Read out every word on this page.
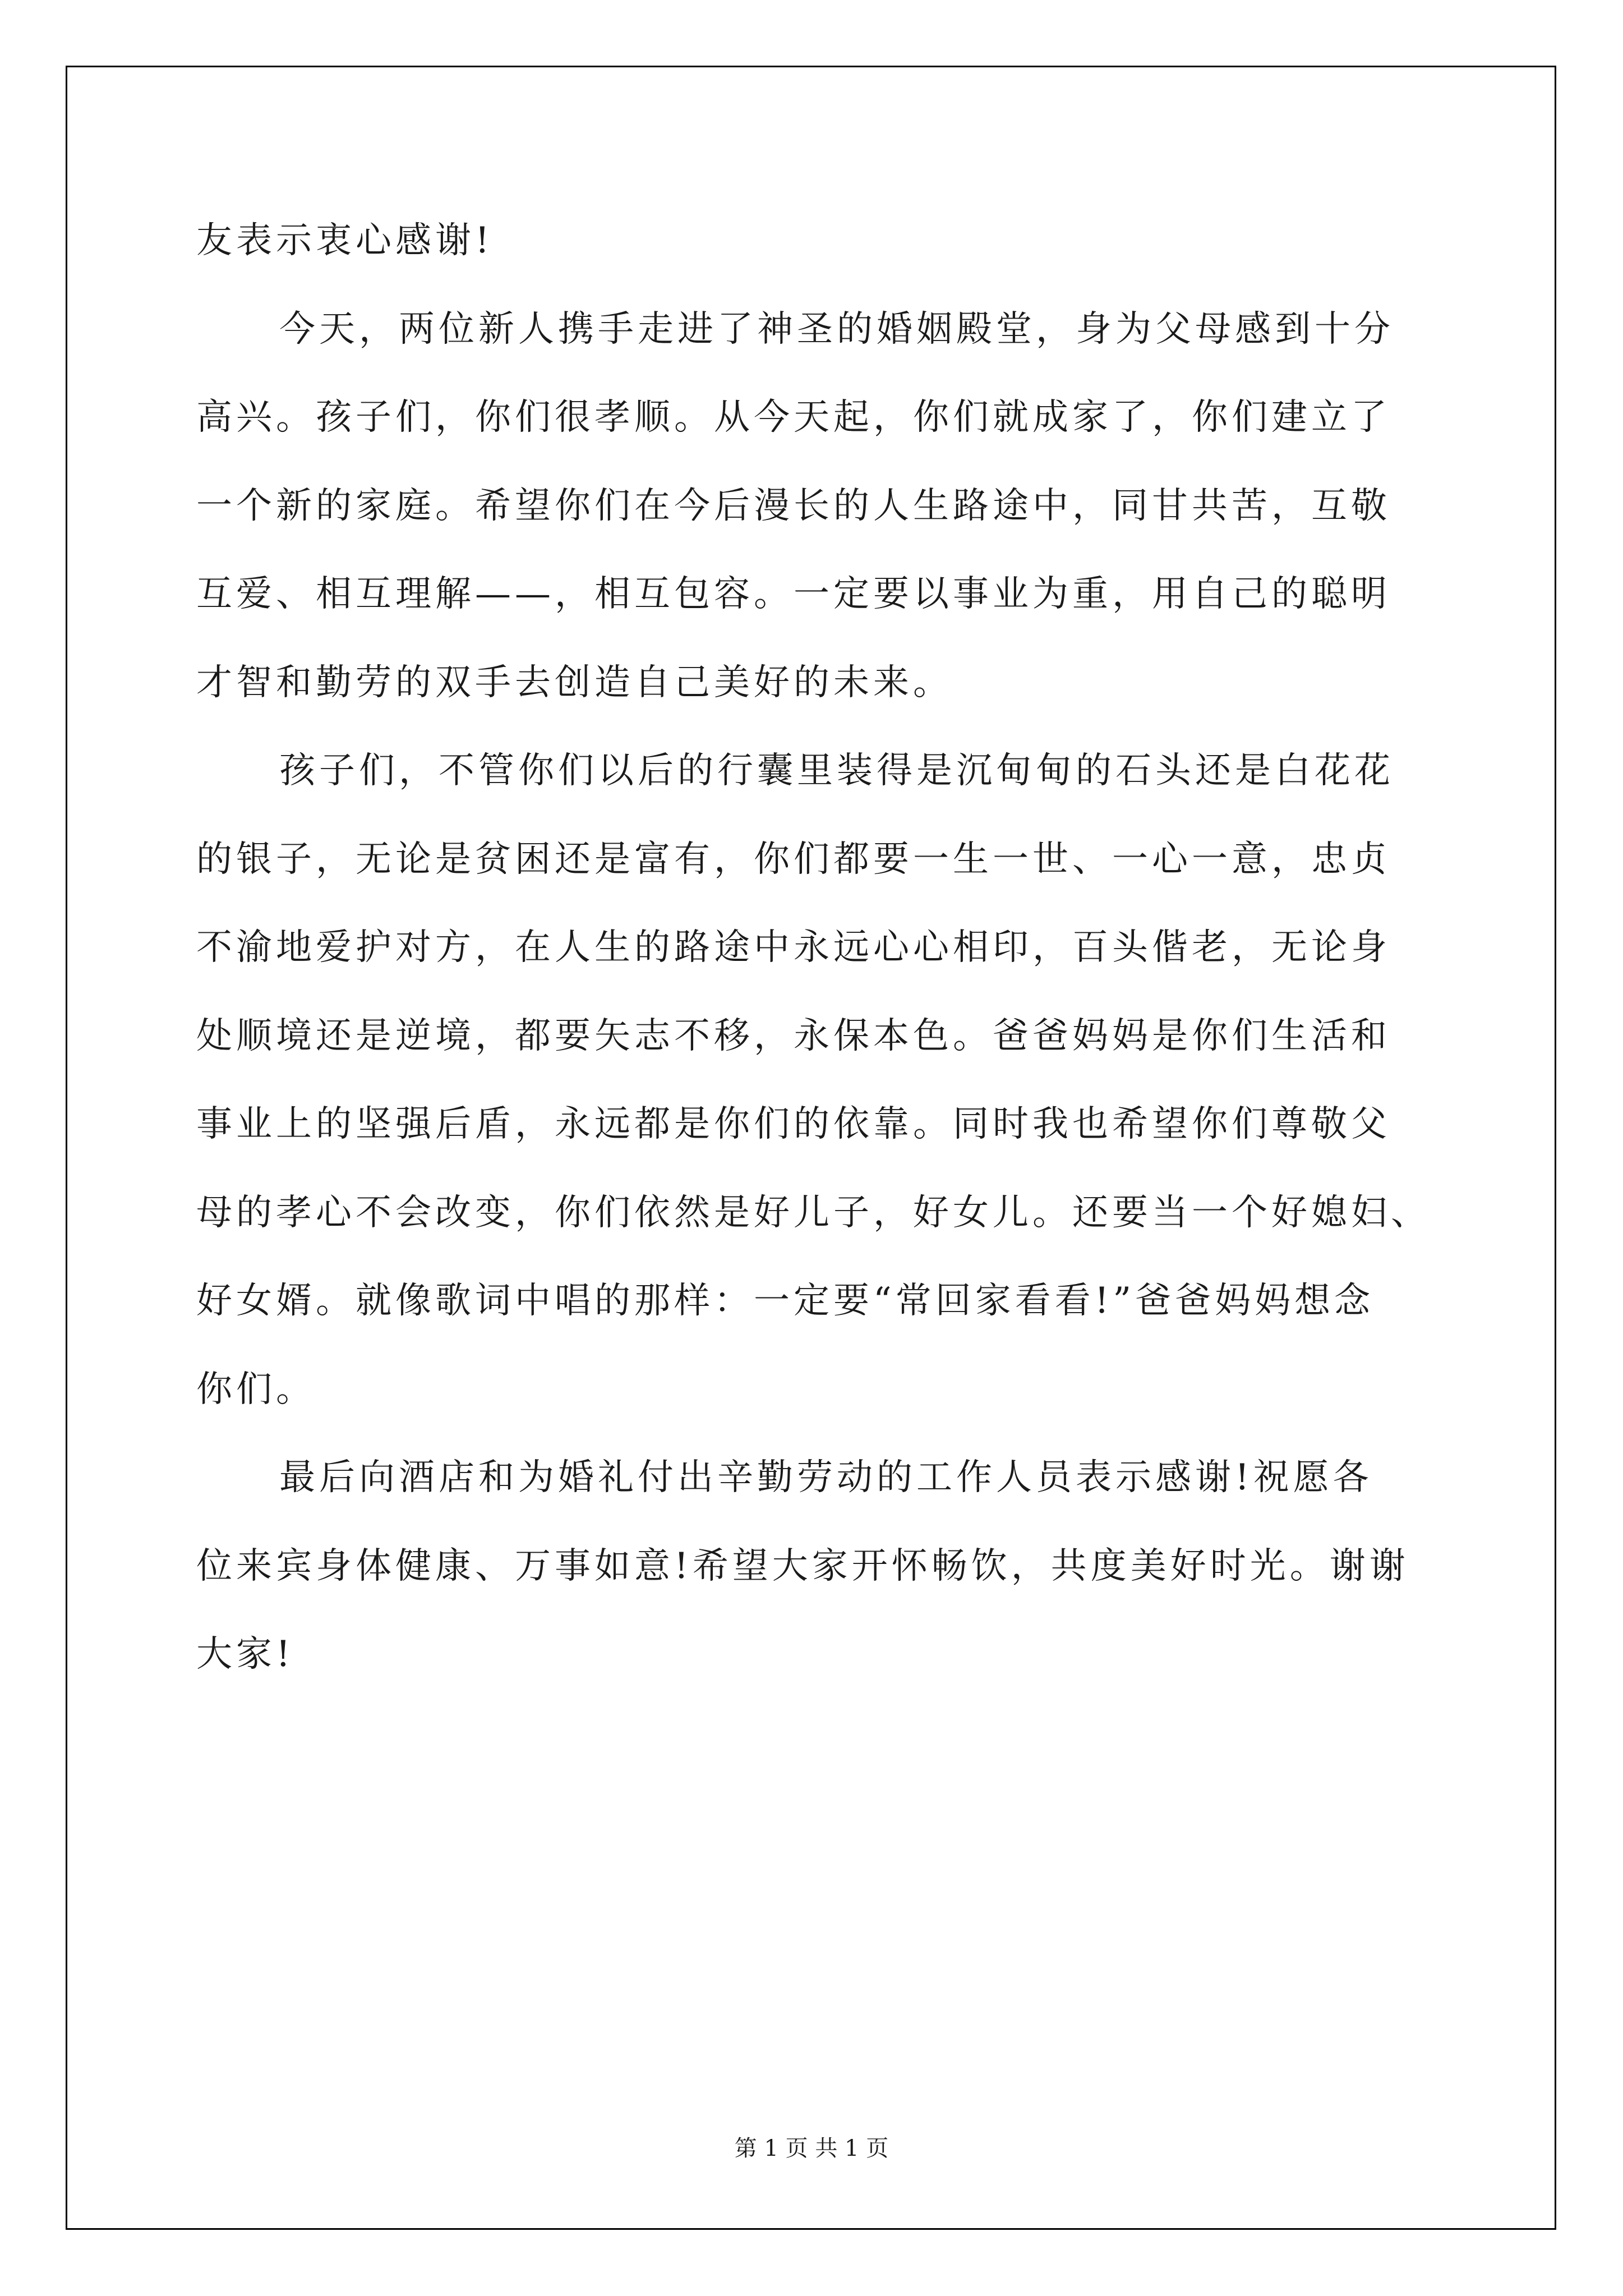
友表示衷心感谢!
今天，两位新人携手走进了神圣的婚姻殿堂，身为父母感到十分
高兴。孩子们，你们很孝顺。从今天起，你们就成家了，你们建立了
一个新的家庭。希望你们在今后漫长的人生路途中，同甘共苦，互敬
互爱、相互理解——，相互包容。一定要以事业为重，用自己的聪明
才智和勤劳的双手去创造自己美好的未来。
孩子们，不管你们以后的行囊里装得是沉甸甸的石头还是白花花
的银子，无论是贫困还是富有，你们都要一生一世、一心一意，忠贞
不渝地爱护对方，在人生的路途中永远心心相印，百头偕老，无论身
处顺境还是逆境，都要矢志不移，永保本色。爸爸妈妈是你们生活和
事业上的坚强后盾，永远都是你们的依靠。同时我也希望你们尊敬父
母的孝心不会改变，你们依然是好儿子，好女儿。还要当一个好媳妇、
好女婿。就像歌词中唱的那样：一定要“常回家看看!”爸爸妈妈想念
你们。
最后向酒店和为婚礼付出辛勤劳动的工作人员表示感谢!祝愿各
位来宾身体健康、万事如意!希望大家开怀畅饮，共度美好时光。谢谢
大家!
第 1 页 共 1 页
